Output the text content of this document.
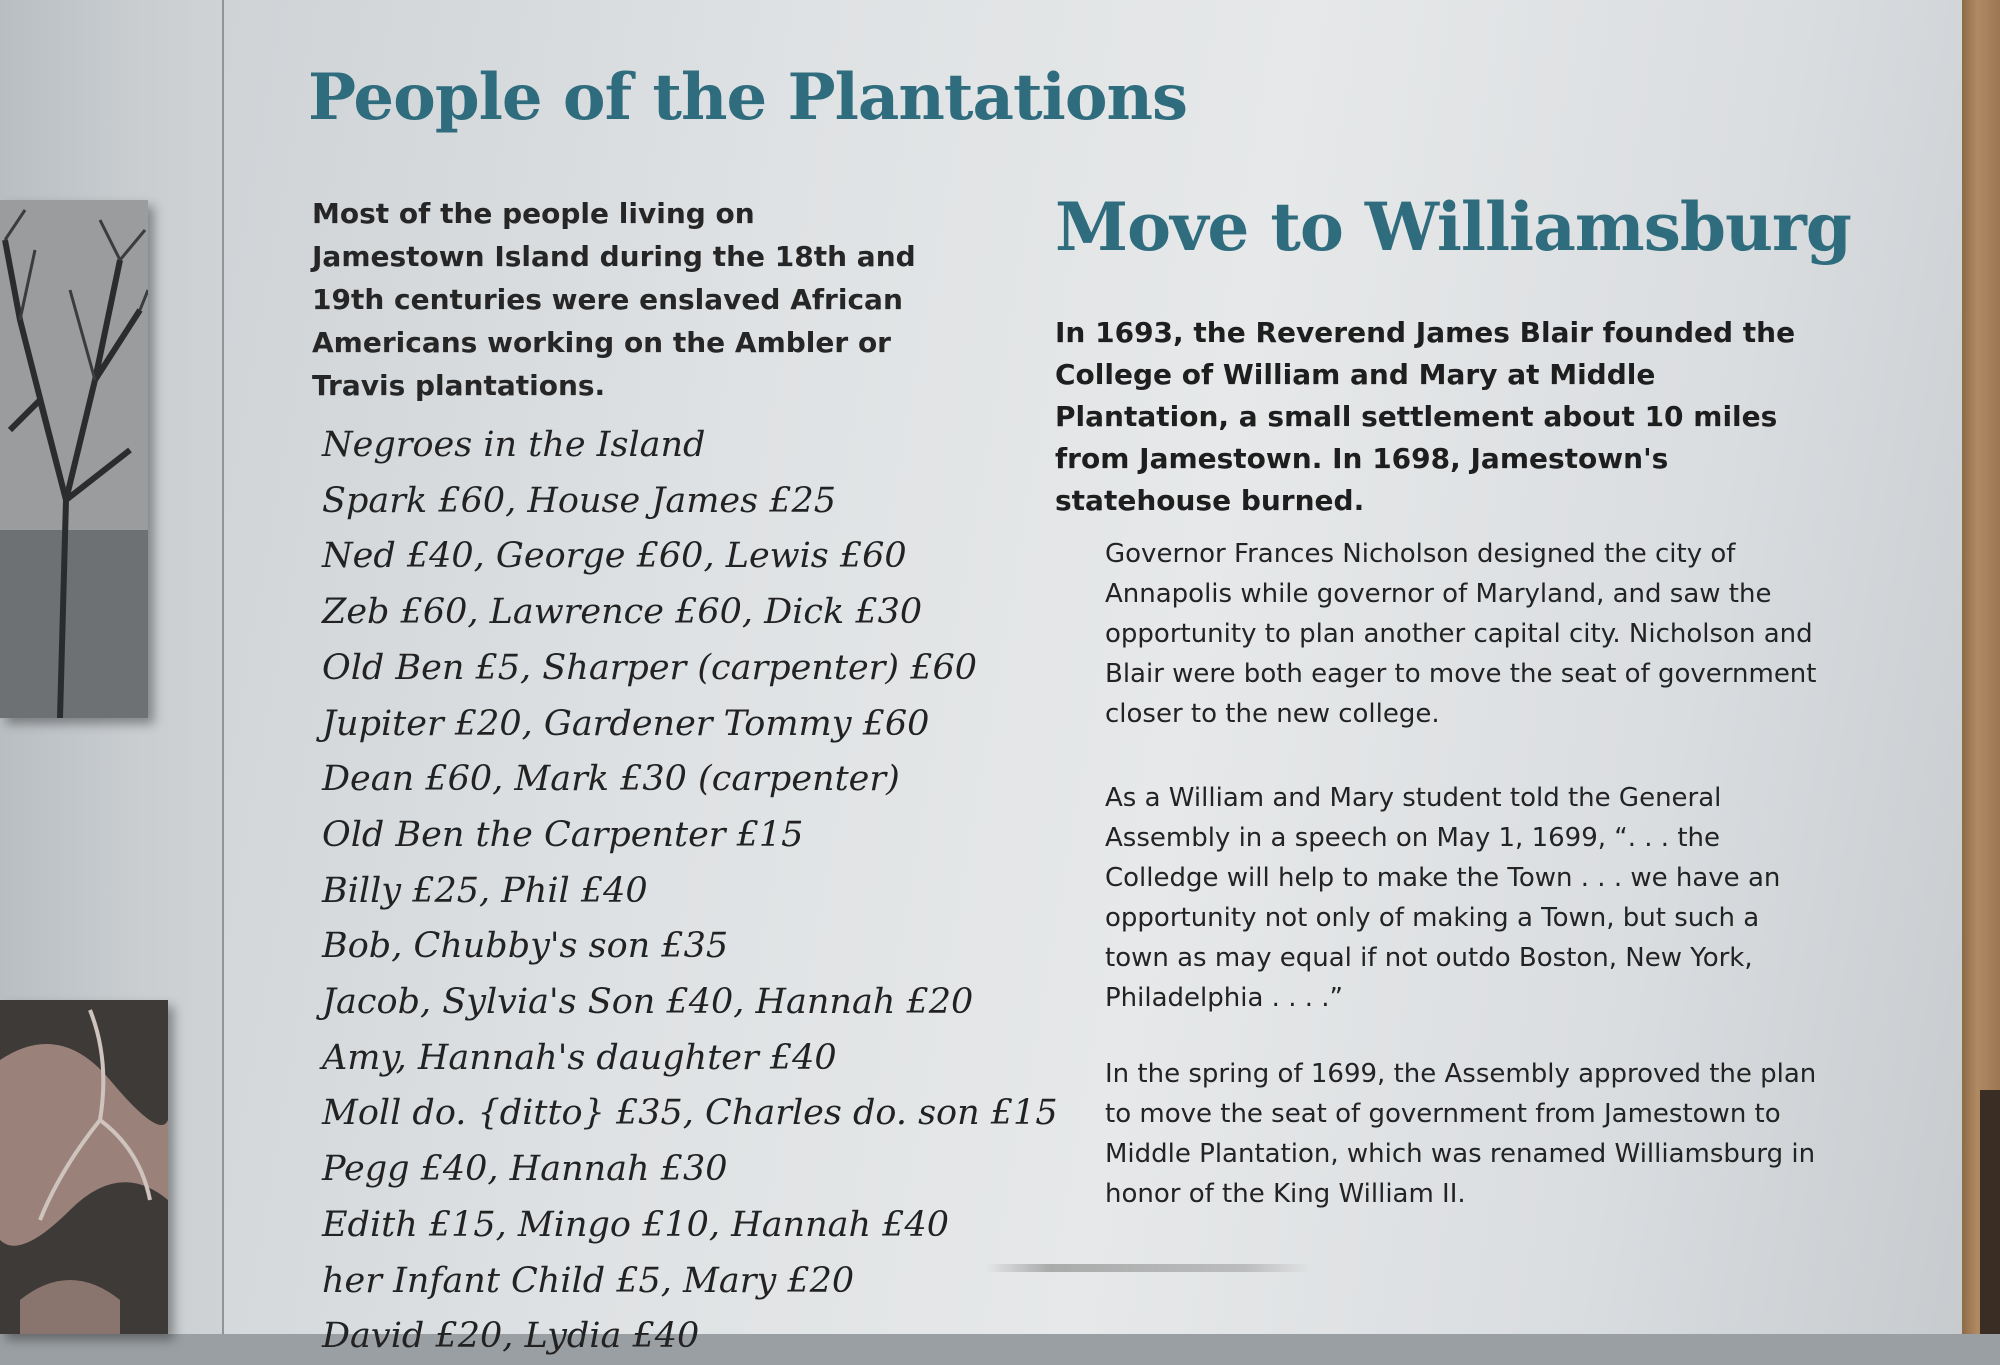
People of the Plantations

Most of the people living on Jamestown Island during the 18th and 19th centuries were enslaved African Americans working on the Ambler or Travis plantations.

Negroes in the Island
Spark £60, House James £25
Ned £40, George £60, Lewis £60
Zeb £60, Lawrence £60, Dick £30
Old Ben £5, Sharper (carpenter) £60
Jupiter £20, Gardener Tommy £60
Dean £60, Mark £30 (carpenter)
Old Ben the Carpenter £15
Billy £25, Phil £40
Bob, Chubby's son £35
Jacob, Sylvia's Son £40, Hannah £20
Amy, Hannah's daughter £40
Moll do. {ditto} £35, Charles do. son £15
Pegg £40, Hannah £30
Edith £15, Mingo £10, Hannah £40
her Infant Child £5, Mary £20
David £20, Lydia £40
Move to Williamsburg

In 1693, the Reverend James Blair founded the College of William and Mary at Middle Plantation, a small settlement about 10 miles from Jamestown. In 1698, Jamestown's statehouse burned.

Governor Frances Nicholson designed the city of Annapolis while governor of Maryland, and saw the opportunity to plan another capital city. Nicholson and Blair were both eager to move the seat of government closer to the new college.

As a William and Mary student told the General Assembly in a speech on May 1, 1699, “. . . the Colledge will help to make the Town . . . we have an opportunity not only of making a Town, but such a town as may equal if not outdo Boston, New York, Philadelphia . . . .”

In the spring of 1699, the Assembly approved the plan to move the seat of government from Jamestown to Middle Plantation, which was renamed Williamsburg in honor of the King William II.
